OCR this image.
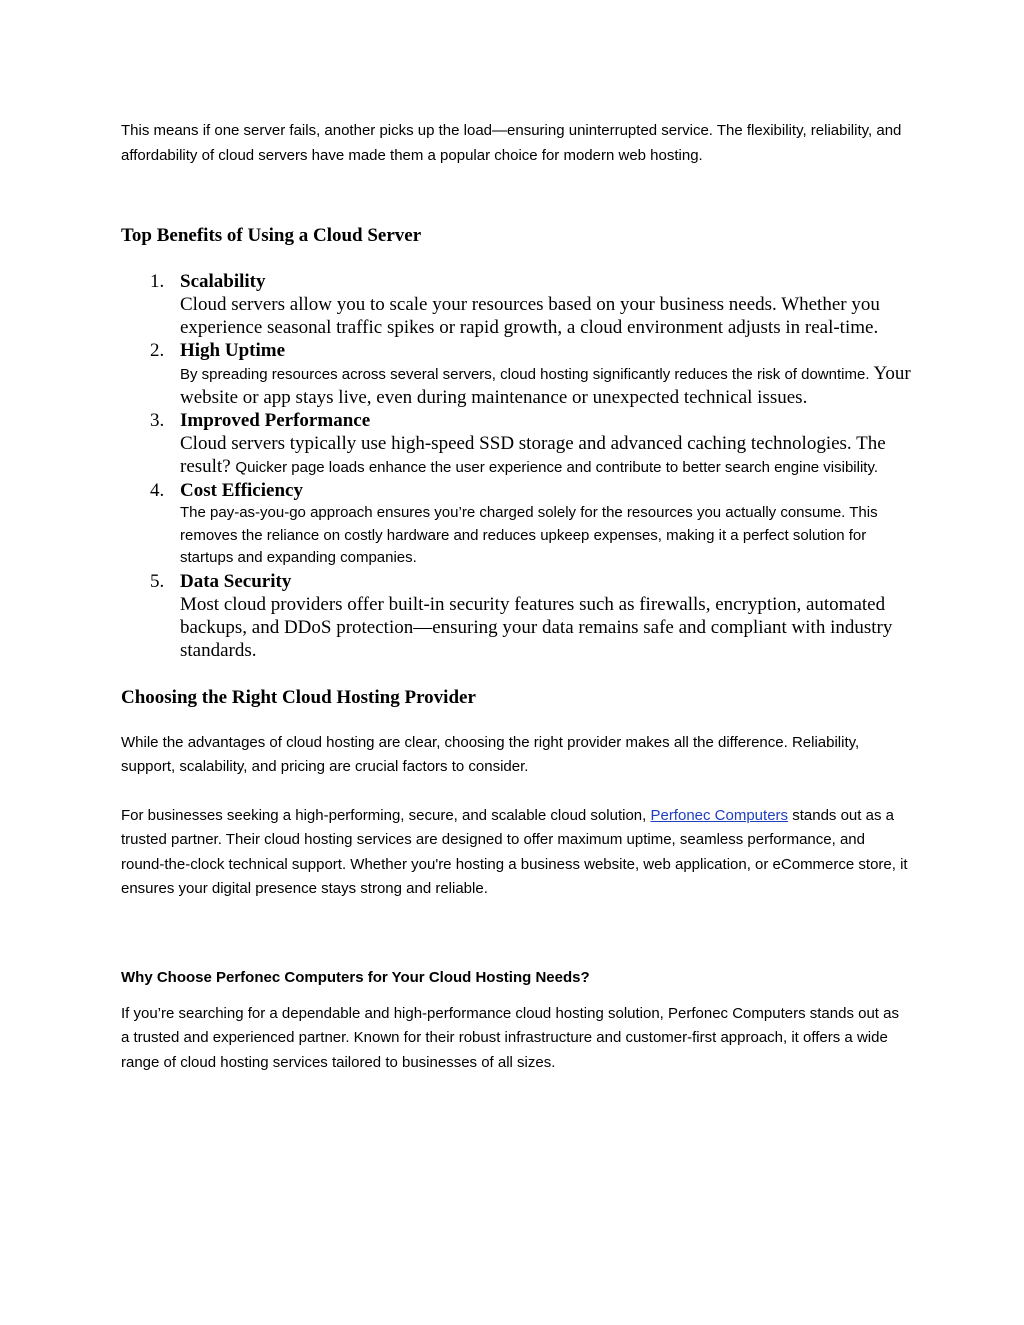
This means if one server fails, another picks up the load—ensuring uninterrupted service. The flexibility, reliability, and affordability of cloud servers have made them a popular choice for modern web hosting.

Top Benefits of Using a Cloud Server
1. Scalability
Cloud servers allow you to scale your resources based on your business needs. Whether you experience seasonal traffic spikes or rapid growth, a cloud environment adjusts in real-time.
2. High Uptime
By spreading resources across several servers, cloud hosting significantly reduces the risk of downtime. Your website or app stays live, even during maintenance or unexpected technical issues.
3. Improved Performance
Cloud servers typically use high-speed SSD storage and advanced caching technologies. The result? Quicker page loads enhance the user experience and contribute to better search engine visibility.
4. Cost Efficiency
The pay-as-you-go approach ensures you’re charged solely for the resources you actually consume. This removes the reliance on costly hardware and reduces upkeep expenses, making it a perfect solution for startups and expanding companies.
5. Data Security
Most cloud providers offer built-in security features such as firewalls, encryption, automated backups, and DDoS protection—ensuring your data remains safe and compliant with industry standards.
Choosing the Right Cloud Hosting Provider

While the advantages of cloud hosting are clear, choosing the right provider makes all the difference. Reliability, support, scalability, and pricing are crucial factors to consider.

For businesses seeking a high-performing, secure, and scalable cloud solution, Perfonec Computers stands out as a trusted partner. Their cloud hosting services are designed to offer maximum uptime, seamless performance, and round-the-clock technical support. Whether you're hosting a business website, web application, or eCommerce store, it ensures your digital presence stays strong and reliable.

Why Choose Perfonec Computers for Your Cloud Hosting Needs?

If you’re searching for a dependable and high-performance cloud hosting solution, Perfonec Computers stands out as a trusted and experienced partner. Known for their robust infrastructure and customer-first approach, it offers a wide range of cloud hosting services tailored to businesses of all sizes.
